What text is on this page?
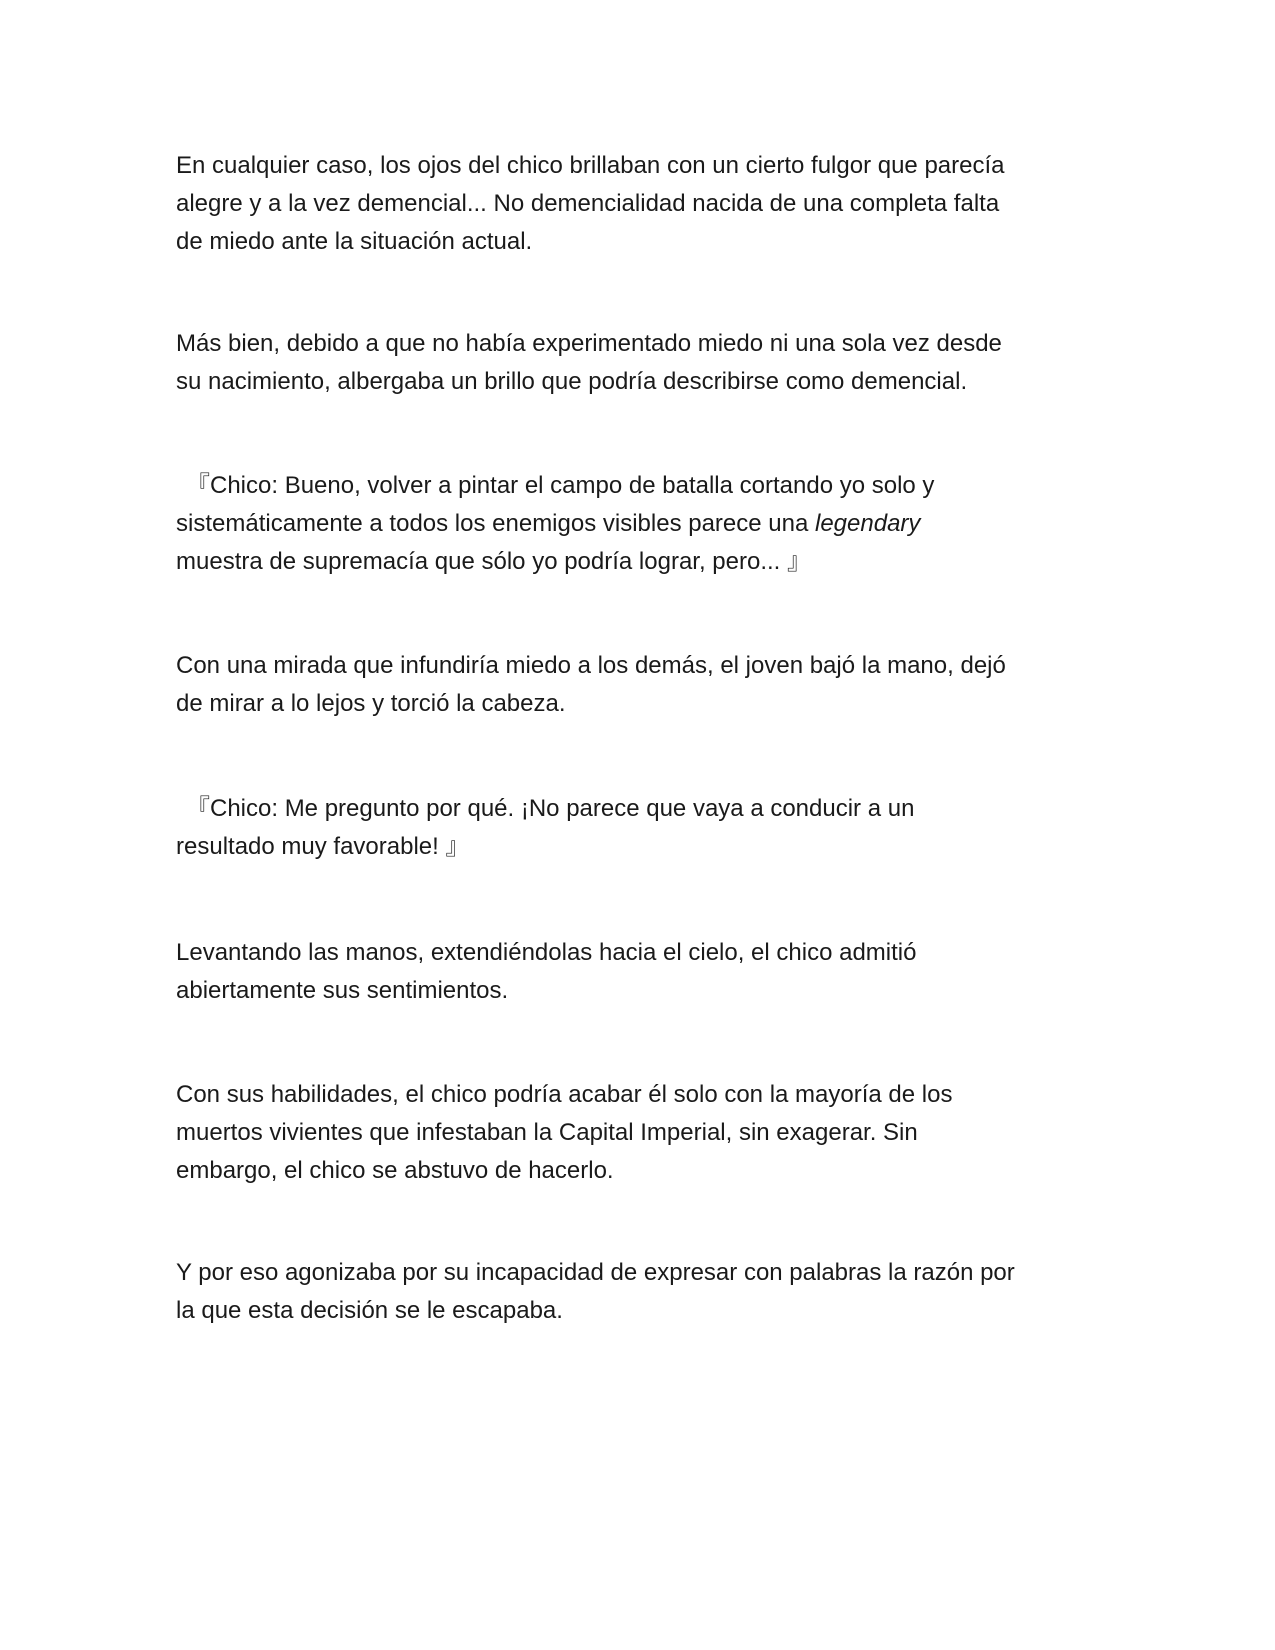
En cualquier caso, los ojos del chico brillaban con un cierto fulgor que parecía
alegre y a la vez demencial... No demencialidad nacida de una completa falta
de miedo ante la situación actual.

Más bien, debido a que no había experimentado miedo ni una sola vez desde
su nacimiento, albergaba un brillo que podría describirse como demencial.

『Chico: Bueno, volver a pintar el campo de batalla cortando yo solo y
sistemáticamente a todos los enemigos visibles parece una legendary
muestra de supremacía que sólo yo podría lograr, pero... 』

Con una mirada que infundiría miedo a los demás, el joven bajó la mano, dejó
de mirar a lo lejos y torció la cabeza.

『Chico: Me pregunto por qué. ¡No parece que vaya a conducir a un
resultado muy favorable! 』

Levantando las manos, extendiéndolas hacia el cielo, el chico admitió
abiertamente sus sentimientos.

Con sus habilidades, el chico podría acabar él solo con la mayoría de los
muertos vivientes que infestaban la Capital Imperial, sin exagerar. Sin
embargo, el chico se abstuvo de hacerlo.

Y por eso agonizaba por su incapacidad de expresar con palabras la razón por
la que esta decisión se le escapaba.
